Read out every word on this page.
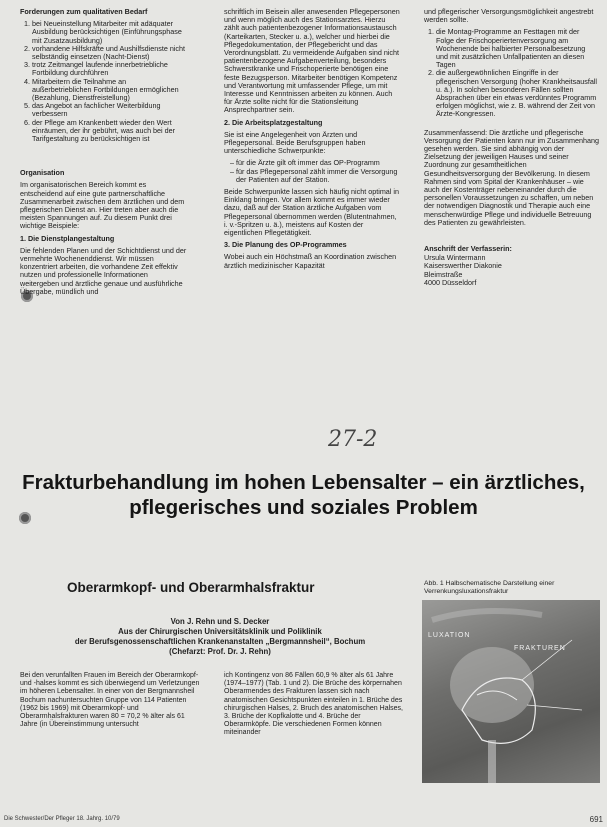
Forderungen zum qualitativen Bedarf

1. bei Neueinstellung Mitarbeiter mit adäquater Ausbildung berücksichtigen (Einführungsphase mit Zusatzausbildung)
2. vorhandene Hilfskräfte und Aushilfsdienste nicht selbständig einsetzen (Nacht-Dienst)
3. trotz Zeitmangel laufende innerbetriebliche Fortbildung durchführen
4. Mitarbeitern die Teilnahme an außerbetrieblichen Fortbildungen ermöglichen (Bezahlung, Dienstfreistellung)
5. das Angebot an fachlicher Weiterbildung verbessern
6. der Pflege am Krankenbett wieder den Wert einräumen, der ihr gebührt, was auch bei der Tarifgestaltung zu berücksichtigen ist

Organisation

Im organisatorischen Bereich kommt es entscheidend auf eine gute partnerschaftliche Zusammenarbeit zwischen dem ärztlichen und dem pflegerischen Dienst an. Hier treten aber auch die meisten Spannungen auf. Zu diesem Punkt drei wichtige Beispiele:

1. Die Dienstplangestaltung

Die fehlenden Planen und der Schichtdienst und der vermehrte Wochenenddienst. Wir müssen konzentriert arbeiten, die vorhandene Zeit effektiv nutzen und professionelle Informationen weitergeben und ärztliche genaue und ausführliche Übergabe, mündlich und

schriftlich im Beisein aller anwesenden Pflegepersonen und wenn möglich auch des Stationsarztes. Hierzu zählt auch patientenbezogener Informationsaustausch (Karteikarten, Stecker u. a.), welcher und hierbei die Pflegedokumentation, der Pflegebericht und das Verordnungsblatt. Zu vermeidende Aufgaben sind nicht patientenbezogene Aufgabenverteilung, besonders Schwerstkranke und Frischoperierte benötigen eine feste Bezugsperson. Mitarbeiter benötigen Kompetenz und Verantwortung mit umfassender Pflege, um mit Interesse und Kenntnissen arbeiten zu können. Auch für Ärzte sollte nicht für die Stationsleitung Ansprechpartner sein.

2. Die Arbeitsplatzgestaltung

Sie ist eine Angelegenheit von Ärzten und Pflegepersonal. Beide Berufsgruppen haben unterschiedliche Schwerpunkte:

– für die Ärzte gilt oft immer das OP-Programm
– für das Pflegepersonal zählt immer die Versorgung der Patienten auf der Station.

Beide Schwerpunkte lassen sich häufig nicht optimal in Einklang bringen. Vor allem kommt es immer wieder dazu, daß auf der Station ärztliche Aufgaben vom Pflegepersonal übernommen werden (Blutentnahmen, i. v.-Spritzen u. ä.), meistens auf Kosten der eigentlichen Pflegetätigkeit.

3. Die Planung des OP-Programmes

Wobei auch ein Höchstmaß an Koordination zwischen ärztlich medizinischer Kapazität

und pflegerischer Versorgungsmöglichkeit angestrebt werden sollte.

1. die Montag-Programme an Festtagen mit der Folge der Frischoperiertenversorgung am Wochenende bei halbierter Personalbesetzung und mit zusätzlichen Unfallpatienten an diesen Tagen
2. die außergewöhnlichen Eingriffe in der pflegerischen Versorgung (hoher Krankheitsausfall u. ä.). In solchen besonderen Fällen sollten Absprachen über ein etwas verdünntes Programm erfolgen möglichst, wie z. B. während der Zeit von Ärzte-Kongressen.

Zusammenfassend: Die ärztliche und pflegerische Versorgung der Patienten kann nur im Zusammenhang gesehen werden. Sie sind abhängig von der Zielsetzung der jeweiligen Hauses und seiner Zuordnung zur gesamtheitlichen Gesundheitsversorgung der Bevölkerung. In diesem Rahmen sind vom Spital der Krankenhäuser – wie auch der Kostenträger nebeneinander durch die personellen Voraussetzungen zu schaffen, um neben der notwendigen Diagnostik und Therapie auch eine menschenwürdige Pflege und individuelle Betreuung des Patienten zu gewährleisten.

Anschrift der Verfasserin:
Ursula Wintermann
Kaiserswerther Diakonie
Bleimstraße
4000 Düsseldorf
27-2
Frakturbehandlung im hohen Lebensalter – ein ärztliches, pflegerisches und soziales Problem
Oberarmkopf- und Oberarmhalsfraktur
Von J. Rehn und S. Decker
Aus der Chirurgischen Universitätsklinik und Poliklinik
der Berufsgenossenschaftlichen Krankenanstalten „Bergmannsheil“, Bochum
(Chefarzt: Prof. Dr. J. Rehn)
Abb. 1 Halbschematische Darstellung einer Verrenkungsluxationsfraktur
LUXATION
FRAKTUREN

Bei den verunfallten Frauen im Bereich der Oberarmkopf- und -halses kommt es sich überwiegend um Verletzungen im höheren Lebensalter. In einer von der Bergmannsheil Bochum nachuntersuchten Gruppe von 114 Patienten (1962 bis 1969) mit Oberarmkopf- und Oberarmhalsfrakturen waren 80 = 70,2 % älter als 61 Jahre (in Übereinstimmung untersucht

ich Kontingenz von 86 Fällen 60,9 % älter als 61 Jahre (1974–1977) (Tab. 1 und 2). Die Brüche des körpernahen Oberarmendes des Frakturen lassen sich nach anatomischen Gesichtspunkten einteilen in 1. Brüche des chirurgischen Halses, 2. Bruch des anatomischen Halses, 3. Brüche der Kopfkalotte und 4. Brüche der Oberarmköpfe. Die verschiedenen Formen können miteinander

Die Schwester/Der Pfleger 18. Jahrg. 10/79	691
